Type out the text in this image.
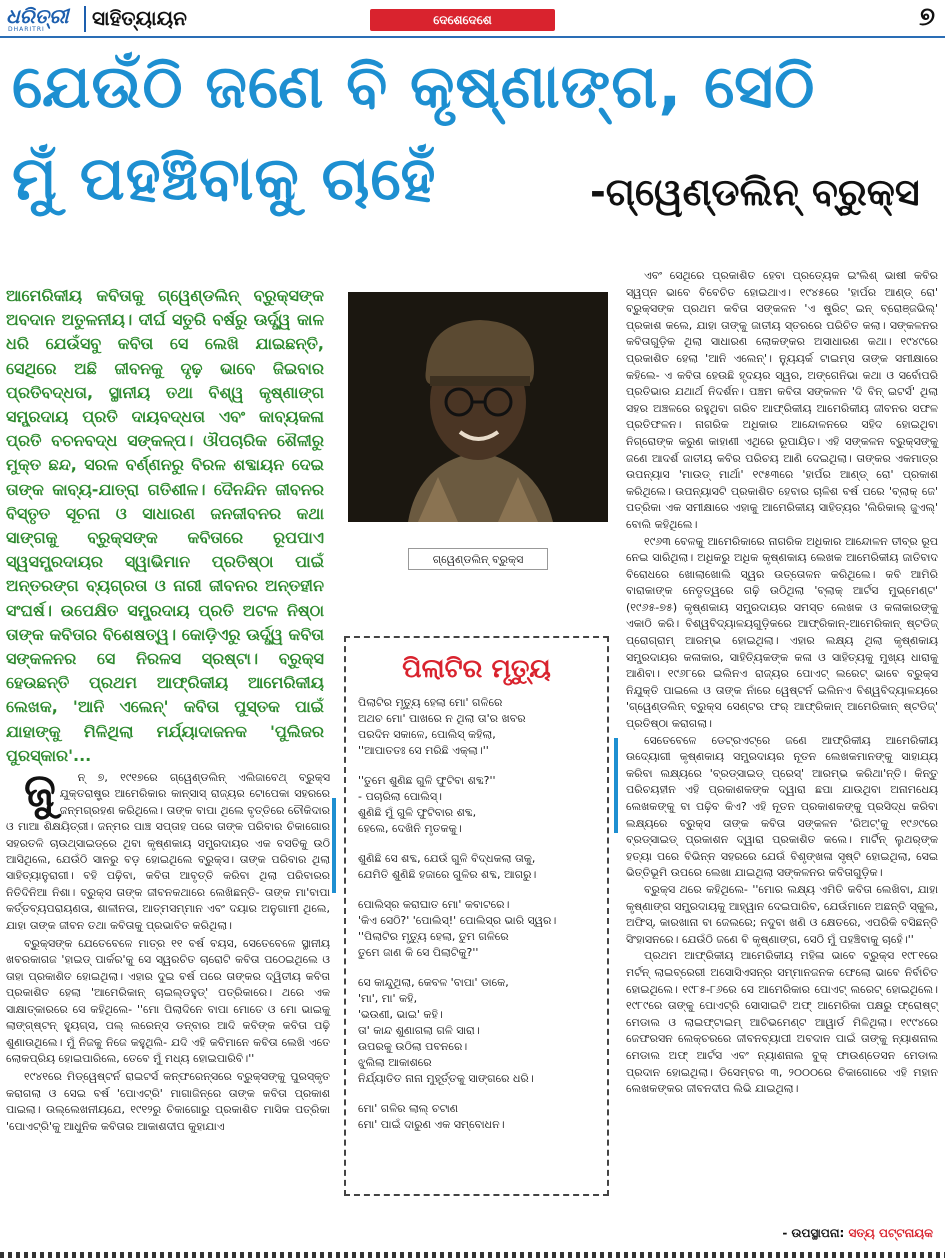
ଧରିତ୍ରୀ
DHARITRI ସାହିତ୍ୟାୟନ	ଦେଶେଦେଶେ	୭
ଯେଉଁଠି ଜଣେ ବି କୃଷ୍ଣାଙ୍ଗ, ସେଠି
ମୁଁ ପହଞ୍ଚିବାକୁ ଚାହେଁ	-ଗ୍ୱେଣ୍ଡଲିନ୍ ବ୍ରୁକ୍ସ
ଆମେରିକୀୟ କବିତାକୁ ଗ୍ୱେଣ୍ଡଲିନ୍ ବ୍ରୁକ୍ସଙ୍କ ଅବଦାନ ଅତୁଳନୀୟ। ଦୀର୍ଘ ସତୁରି ବର୍ଷରୁ ଊର୍ଦ୍ଧ୍ୱ କାଳ ଧରି ଯେଉଁସବୁ କବିତା ସେ ଲେଖି ଯାଇଛନ୍ତି, ସେଥିରେ ଅଛି ଜୀବନକୁ ଦୃଢ଼ ଭାବେ ଜିଇବାର ପ୍ରତିବଦ୍ଧତା, ସ୍ଥାନୀୟ ତଥା ବିଶ୍ୱ କୃଷ୍ଣାଙ୍ଗ ସମ୍ପ୍ରଦାୟ ପ୍ରତି ଦାୟବଦ୍ଧତା ଏବଂ କାବ୍ୟକଳା ପ୍ରତି ବଚନବଦ୍ଧ ସଙ୍କଳ୍ପ। ଔପଚାରିକ ଶୈଳୀରୁ ମୁକ୍ତ ଛନ୍ଦ, ସରଳ ବର୍ଣ୍ଣନରୁ ବିରଳ ଶବ୍ଦାୟନ ଦେଇ ତାଙ୍କ କାବ୍ୟ-ଯାତ୍ରା ଗତିଶୀଳ। ଦୈନନ୍ଦିନ ଜୀବନର ବିସ୍ତୃତ ସୂଚନା ଓ ସାଧାରଣ ଜନଜୀବନର କଥା ସାଙ୍ଗକୁ ବ୍ରୁକ୍ସଙ୍କ କବିତାରେ ରୂପପାଏ ସ୍ୱସମ୍ପ୍ରଦାୟର ସ୍ୱାଭିମାନ ପ୍ରତିଷ୍ଠା ପାଇଁ ଅନ୍ତରଙ୍ଗ ବ୍ୟଗ୍ରତା ଓ ନାରୀ ଜୀବନର ଅନ୍ତହୀନ ସଂଘର୍ଷ। ଉପେକ୍ଷିତ ସମ୍ପ୍ରଦାୟ ପ୍ରତି ଅଟଳ ନିଷ୍ଠା ତାଙ୍କ କବିତାର ବିଶେଷତ୍ୱ। କୋଡ଼ିଏରୁ ଊର୍ଦ୍ଧ୍ୱ କବିତା ସଙ୍କଳନର ସେ ନିରଳସ ସ୍ରଷ୍ଟା। ବ୍ରୁକ୍ସ ହେଉଛନ୍ତି ପ୍ରଥମ ଆଫ୍ରିକୀୟ ଆମେରିକୀୟ ଲେଖକ, 'ଆନି ଏଲେନ୍' କବିତା ପୁସ୍ତକ ପାଇଁ ଯାହାଙ୍କୁ ମିଳିଥିଲା ମର୍ଯ୍ୟାଦାଜନକ 'ପୁଲିଜର ପୁରସ୍କାର'...
ଗ୍ୱେଣ୍ଡଲିନ୍ ବ୍ରୁକ୍ସ

ଏବଂ ସେଥିରେ ପ୍ରକାଶିତ ହେବା ପ୍ରତ୍ୟେକ ଇଂଲିଶ୍ ଭାଷୀ କବିର ସ୍ୱପ୍ନ ଭାବେ ବିବେଚିତ ହୋଇଥାଏ। ୧୯୪୫ରେ 'ହାର୍ପର ଆଣ୍ଡ୍ ରୋ' ବ୍ରୁକ୍ସଙ୍କ ପ୍ରଥମ କବିତା ସଙ୍କଳନ 'ଏ ଷ୍ଟ୍ରିଟ୍ ଇନ୍ ବ୍ରୋଞ୍ଜଭିଲ୍' ପ୍ରକାଶ କଲେ, ଯାହା ତାଙ୍କୁ ଜାତୀୟ ସ୍ତରରେ ପରିଚିତ କଲା। ସଙ୍କଳନର କବିତାଗୁଡ଼ିକ ଥିଲା ସାଧାରଣ ଲୋକଙ୍କର ଅସାଧାରଣ କଥା। ୧୯୪୯ରେ ପ୍ରକାଶିତ ହେଲା 'ଆନି ଏଲେନ୍'। ନ୍ୟୁୟର୍କ ଟାଇମ୍‌ସ ତାଙ୍କ ସମୀକ୍ଷାରେ କହିଲେ- ଏ କବିତା ହେଉଛି ହୃଦୟର ସ୍ୱର, ଅଙ୍ଗେନିଭା କଥା ଓ ସର୍ବୋପରି ପ୍ରତିଭାର ଯଥାର୍ଥ ନିଦର୍ଶନ। ପଞ୍ଚମ କବିତା ସଙ୍କଳନ 'ଦି ବିନ୍ ଇଟର୍ସ' ଥିଲା ସହର ଅଞ୍ଚଳରେ ରହୁଥିବା ଗରିବ ଆଫ୍ରିକୀୟ ଆମେରିକୀୟ ଜୀବନର ସଫଳ ପ୍ରତିଫଳନ। ନାଗରିକ ଅଧିକାର ଆନ୍ଦୋଳନରେ ସହିଦ ହୋଇଥିବା ନିଗ୍ରୋଙ୍କ କରୁଣ କାହାଣୀ ଏଥିରେ ରୂପାୟିତ। ଏହି ସଙ୍କଳନ ବ୍ରୁକ୍ସଙ୍କୁ ଜଣେ ଆଦର୍ଶ ଜାତୀୟ କବିର ପରିଚୟ ଆଣି ଦେଇଥିଲା। ତାଙ୍କର ଏକମାତ୍ର ଉପନ୍ୟାସ 'ମାଉଡ୍ ମାର୍ଥା' ୧୯୫୩ରେ 'ହାର୍ପର ଆଣ୍ଡ୍ ରୋ' ପ୍ରକାଶ କରିଥିଲେ। ଉପନ୍ୟାସଟି ପ୍ରକାଶିତ ହେବାର ଚାଳିଶ ବର୍ଷ ପରେ 'ବ୍ଲାକ୍ ଜେ' ପତ୍ରିକା ଏକ ସମୀକ୍ଷାରେ ଏହାକୁ ଆମେରିକୀୟ ସାହିତ୍ୟର 'ଲିରିକାଲ୍ ଜୁଏଲ୍' ବୋଲି କହିଥିଲେ।

୧୯୬୩ ବେଳକୁ ଆମେରିକାରେ ନାଗରିକ ଅଧିକାର ଆନ୍ଦୋଳନ ତୀବ୍ର ରୂପ ନେଇ ସାରିଥିଲା। ଅଧିକରୁ ଅଧିକ କୃଷ୍ଣକାୟ ଲେଖକ ଆମେରିକୀୟ ଜାତିବାଦ ବିରୋଧରେ ଖୋଲାଖୋଲି ସ୍ୱର ଉତ୍ତୋଳନ କରିଥିଲେ। କବି ଆମିରି ବାରାକାଙ୍କ ନେତୃତ୍ୱରେ ଗଢ଼ି ଉଠିଥିଲା 'ବ୍ଲାକ୍ ଆର୍ଟସ ମୁଭ୍‌ମେଣ୍ଟ' (୧୯୬୫-୭୫) କୃଷ୍ଣକାୟ ସମ୍ପ୍ରଦାୟର ସମସ୍ତ ଲେଖକ ଓ କଳାକାରଙ୍କୁ ଏକାଠି କରି। ବିଶ୍ୱବିଦ୍ୟାଳୟଗୁଡ଼ିକରେ ଆଫ୍ରିକାନ୍-ଆମେରିକାନ୍ ଷ୍ଟଡିଜ୍ ପ୍ରୋଗ୍ରାମ୍ ଆରମ୍ଭ ହୋଇଥିଲା। ଏହାର ଲକ୍ଷ୍ୟ ଥିଲା କୃଷ୍ଣକାୟ ସମ୍ପ୍ରଦାୟର କଳାକାର, ସାହିତ୍ୟିକଙ୍କ କଳା ଓ ସାହିତ୍ୟକୁ ମୁଖ୍ୟ ଧାରାକୁ ଆଣିବା। ୧୯୬୮ରେ ଇଲିନଏ ରାଜ୍ୟର ପୋଏଟ୍ ଲରେଟ୍ ଭାବେ ବ୍ରୁକ୍ସ ନିଯୁକ୍ତି ପାଇଲେ ଓ ତାଙ୍କ ନାଁରେ ୱେଷ୍ଟର୍ନ ଇଲିନଏ ବିଶ୍ୱବିଦ୍ୟାଳୟରେ 'ଗ୍ୱେଣ୍ଡଲିନ୍ ବ୍ରୁକ୍ସ ସେଣ୍ଟର ଫର୍ ଆଫ୍ରିକାନ୍ ଆମେରିକାନ୍ ଷ୍ଟଡିଜ୍' ପ୍ରତିଷ୍ଠା କରାଗଲା।

ସେତେବେଳେ ଡେଟ୍ରଏଟ୍‌ରେ ଜଣେ ଆଫ୍ରିକୀୟ ଆମେରିକୀୟ ଉଦ୍ୟୋଗୀ କୃଷ୍ଣକାୟ ସମ୍ପ୍ରଦାୟର ନୂତନ ଲେଖକମାନଙ୍କୁ ସାହାଯ୍ୟ କରିବା ଲକ୍ଷ୍ୟରେ 'ବ୍ରଡ୍‌ସାଇଡ୍ ପ୍ରେସ୍' ଆରମ୍ଭ କରିଥା'ନ୍ତି। କିନ୍ତୁ ପରିଚୟହୀନ ଏହି ପ୍ରକାଶକଙ୍କ ଦ୍ୱାରା ଛପା ଯାଉଥିବା ଅନାମଧେୟ ଲେଖକଙ୍କୁ ବା ପଢ଼ିବ କିଏ? ଏହି ନୂତନ ପ୍ରକାଶକଙ୍କୁ ପ୍ରସିଦ୍ଧ କରିବା ଲକ୍ଷ୍ୟରେ ବ୍ରୁକ୍ସ ତାଙ୍କ କବିତା ସଙ୍କଳନ 'ରିଅଟ୍'କୁ ୧୯୬୯ରେ ବ୍ରଡ୍‌ସାଇଡ୍ ପ୍ରକାଶନ ଦ୍ୱାରା ପ୍ରକାଶିତ କଲେ। ମାର୍ଟିନ୍ ଲୁଥର୍‌ଙ୍କ ହତ୍ୟା ପରେ ବିଭିନ୍ନ ସହରରେ ଯେଉଁ ବିଶୃଙ୍ଖଳା ସୃଷ୍ଟି ହୋଇଥିଲା, ସେଇ ଭିତ୍ତିଭୂମି ଉପରେ ଲେଖା ଯାଇଥିଲା ସଙ୍କଳନର କବିତାଗୁଡ଼ିକ।

ବ୍ରୁକ୍ସ ଥରେ କହିଥିଲେ- ''ମୋର ଲକ୍ଷ୍ୟ ଏମିତି କବିତା ଲେଖିବା, ଯାହା କୃଷ୍ଣାଙ୍ଗ ସମ୍ପ୍ରଦାୟକୁ ଆହ୍ୱାନ ଦେଇପାରିବ, ଯେଉଁମାନେ ଅଛନ୍ତି ସ୍କୁଲ, ଅଫିସ୍, କାରଖାନା ବା ଜେଲରେ; ନଦୁବା ଖଣି ଓ କ୍ଷେତରେ, ଏପରିକି ବସିଛନ୍ତି ସିଂହାସନରେ। ଯେଉଁଠି ଜଣେ ବି କୃଷ୍ଣାଙ୍ଗ, ସେଠି ମୁଁ ପହଞ୍ଚିବାକୁ ଚାହେଁ।''

ପ୍ରଥମ ଆଫ୍ରିକୀୟ ଆମେରିକୀୟ ମହିଳା ଭାବେ ବ୍ରୁକ୍ସ ୧୯୮୧ରେ ମର୍ଟନ୍ ଲାଇବ୍ରେରୀ ଅସୋସିଏସନ୍‌ର ସମ୍ମାନଜନକ ଫେଲୋ ଭାବେ ନିର୍ବାଚିତ ହୋଇଥିଲେ। ୧୯୮୫-୮୬ରେ ସେ ଆମେରିକାର ପୋଏଟ୍ ଲରେଟ୍ ହୋଇଥିଲେ। ୧୯୮୯ରେ ତାଙ୍କୁ ପୋଏଟ୍ରି ସୋସାଇଟି ଅଫ୍ ଆମେରିକା ପକ୍ଷରୁ ଫ୍ରୋଷ୍ଟ୍ ମେଡାଲ ଓ ଲାଇଫ୍‌ଟାଇମ୍ ଆଚିଭମେଣ୍ଟ ଆୱାର୍ଡ ମିଳିଥିଲା। ୧୯୯୪ରେ ଜେଫରସନ ଲେକ୍ଚରରେ ଜୀବନବ୍ୟାପୀ ଅବଦାନ ପାଇଁ ତାଙ୍କୁ ନ୍ୟାଶନାଲ ମେଡାଲ ଅଫ୍ ଆର୍ଟସ ଏବଂ ନ୍ୟାଶନାଲ ବୁକ୍ ଫାଉଣ୍ଡେସନ ମେଡାଲ ପ୍ରଦାନ ହୋଇଥିଲା। ଡିସେମ୍ବର ୩, ୨୦୦୦ରେ ଚିକାଗୋରେ ଏହି ମହାନ ଲେଖକଙ୍କର ଜୀବନଦୀପ ଲିଭି ଯାଇଥିଲା।

ପିଲାଟିର ମୃତ୍ୟୁ
ପିଲାଟିର ମୃତ୍ୟୁ ହେଲା ମୋ' ଗଳିରେ
ଅଥଚ ମୋ' ପାଖରେ ନ ଥିଲା ତା'ର ଖବର
ପରଦିନ ସକାଳେ, ପୋଲିସ୍ କହିଲା,
''ଆପାତତଃ ସେ ମରିଛି ଏକ୍ଲା।''
''ତୁମେ ଶୁଣିଛ ଗୁଳି ଫୁଟିବା ଶବ୍ଦ?''
- ପଚାରିଲା ପୋଲିସ୍।
ଶୁଣିଛି ମୁଁ ଗୁଳି ଫୁଟିବାର ଶବ୍ଦ,
ହେଲେ, ଦେଖିନି ମୃତକକୁ।
ଶୁଣିଛି ସେ ଶବ୍ଦ, ଯେଉଁ ଗୁଳି ବିଦ୍ଧକଲା ତାକୁ,
ଯେମିତି ଶୁଣିଛି ହଜାରେ ଗୁଳିର ଶବ୍ଦ, ଆଗରୁ।
ପୋଲିସ୍‌ର କରାଘାତ ମୋ' କବାଟରେ।
'କିଏ ସେଠି?' 'ପୋଲିସ୍!' ପୋଲିସ୍‌ର ଭାରି ସ୍ୱର।
''ପିଲାଟିର ମୃତ୍ୟୁ ହେଲା, ତୁମ ଗଳିରେ
ତୁମେ ଜାଣ କି ସେ ପିଲାଟିକୁ?''
ସେ କାନ୍ଦୁଥିଲା, କେବଳ 'ବାପା' ଡାକେ,
'ମା', ମା' କହି,
'ଭଉଣୀ, ଭାଇ' କହି।
ତା' କାନ୍ଦ ଶୁଣାଗଲା ଗଳି ସାରା।
ଉପରକୁ ଉଠିଲା ପବନରେ।
ଝୁଲିଲା ଆକାଶରେ
ନିର୍ଯ୍ୟାତିତ ନାନା ମୁହୂର୍ତ୍ତକୁ ସାଙ୍ଗରେ ଧରି।
ମୋ' ଗଳିର ଲାଲ୍ ଚଟାଣ
ମୋ' ପାଇଁ ଦାରୁଣ ଏକ ସମ୍ବୋଧନ।

ଜୁ ନ୍ ୭, ୧୯୧୭ରେ ଗ୍ୱେଣ୍ଡଲିନ୍ ଏଲିଜାବେଥ୍ ବ୍ରୁକ୍ସ ଯୁକ୍ତରାଷ୍ଟ୍ର ଆମେରିକାର କାନ୍‌ସାସ୍ ରାଜ୍ୟର ଟୋପେକା ସହରରେ ଜନ୍ମଗ୍ରହଣ କରିଥିଲେ। ତାଙ୍କ ବାପା ଥିଲେ ବୃତ୍ତିରେ ଚୌକିଦାର ଓ ମାଆ ଶିକ୍ଷୟିତ୍ରୀ। ଜନ୍ମର ପାଞ୍ଚ ସପ୍ତାହ ପରେ ତାଙ୍କ ପରିବାର ଚିକାଗୋର ସହରତଳି ଚାଉଥ୍‌ସାଇଡ୍‌ରେ ଥିବା କୃଷ୍ଣକାୟ ସମ୍ପ୍ରଦାୟର ଏକ ବସତିକୁ ଉଠି ଆସିଥିଲେ, ଯେଉଁଠି ସାନରୁ ବଡ଼ ହୋଇଥିଲେ ବ୍ରୁକ୍ସ। ତାଙ୍କ ପରିବାର ଥିଲା ସାହିତ୍ୟାନୁରାଗୀ। ବହି ପଢ଼ିବା, କବିତା ଆବୃତ୍ତି କରିବା ଥିଲା ପରିବାରର ନିତିଦିନିଆ ନିଶା। ବ୍ରୁକ୍ସ ତାଙ୍କ ଜୀବନକଥାରେ ଲେଖିଛନ୍ତି- ତାଙ୍କ ମା'ବାପା କର୍ତ୍ତବ୍ୟପରାୟଣତା, ଶାଳୀନତା, ଆତ୍ମସମ୍ମାନ ଏବଂ ଦୟାର ଅନୁଗାମୀ ଥିଲେ, ଯାହା ତାଙ୍କ ଜୀବନ ତଥା କବିତାକୁ ପ୍ରଭାବିତ କରିଥିଲା।

ବ୍ରୁକ୍ସଙ୍କ ଯେତେବେଳେ ମାତ୍ର ୧୧ ବର୍ଷ ବୟସ, ସେତେବେଳେ ସ୍ଥାନୀୟ ଖବରକାଗଜ 'ହାଇଡ୍ ପାର୍କର'କୁ ସେ ସ୍ୱରଚିତ ଚାରୋଟି କବିତା ପଠେଇଥିଲେ ଓ ତାହା ପ୍ରକାଶିତ ହୋଇଥିଲା। ଏହାର ଦୁଇ ବର୍ଷ ପରେ ତାଙ୍କର ଦ୍ୱିତୀୟ କବିତା ପ୍ରକାଶିତ ହେଲା 'ଆମେରିକାନ୍ ଚାଇଲ୍ଡହୁଡ୍' ପତ୍ରିକାରେ। ଥରେ ଏକ ସାକ୍ଷାତ୍କାରରେ ସେ କହିଥିଲେ- ''ମୋ ପିଲାଦିନେ ବାପା ମୋତେ ଓ ମୋ ଭାଇକୁ ଲାଙ୍ଗ୍‌ଷ୍ଟନ୍ ହ୍ୟୁଗ୍‌ସ, ପଲ୍ ଲରେନ୍ସ ଡନ୍‌ବାର ଆଦି କବିଙ୍କ କବିତା ପଢ଼ି ଶୁଣାଉଥିଲେ। ମୁଁ ନିଜକୁ ନିଜେ କହୁଥିଲି- ଯଦି ଏହି କବିମାନେ କବିତା ଲେଖି ଏତେ ଲୋକପ୍ରିୟ ହୋଇପାରିଲେ, ତେବେ ମୁଁ ମଧ୍ୟ ହୋଇପାରିବି।''

୧୯୪୧ରେ ମିଡ୍‌ୱେଷ୍ଟର୍ନ ରାଇଟର୍ସ କନ୍‌ଫରେନ୍ସରେ ବ୍ରୁକ୍ସଙ୍କୁ ପୁରସ୍କୃତ କରାଗଲା ଓ ସେଇ ବର୍ଷ 'ପୋଏଟ୍ରି' ମାଗାଜିନ୍‌ରେ ତାଙ୍କ କବିତା ପ୍ରକାଶ ପାଇଲା। ଉଲ୍ଲେଖନୀୟଯେ, ୧୯୧୨ରୁ ଚିକାଗୋରୁ ପ୍ରକାଶିତ ମାସିକ ପତ୍ରିକା 'ପୋଏଟ୍ରି'କୁ ଆଧୁନିକ କବିତାର ଆକାଶଦୀପ କୁହାଯାଏ

- ଉପସ୍ଥାପନା: ସତ୍ୟ ପଟ୍ଟନାୟକ
